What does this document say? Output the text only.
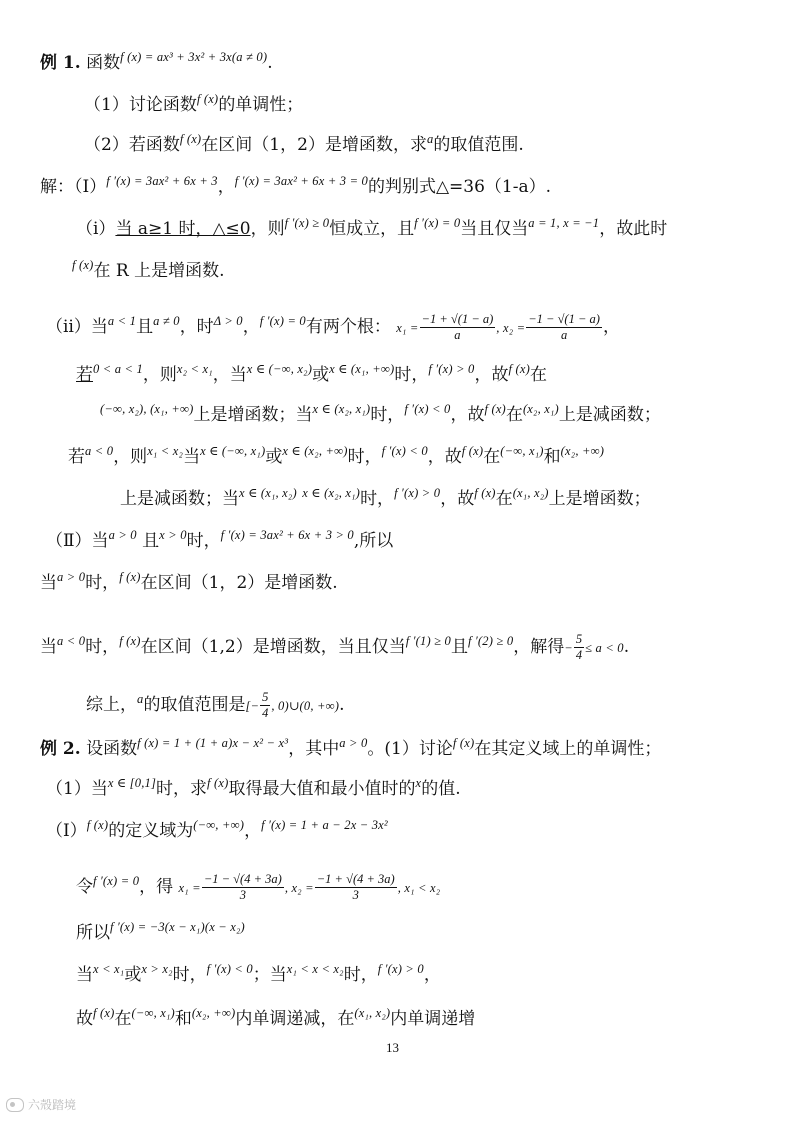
例 1. 函数$^{f (x) = ax^3 + 3x^2 + 3x(a \ne 0)}$.
（1）讨论函数$^{f (x)}$的单调性；
（2）若函数$^{f (x)}$在区间（1，2）是增函数，求$^a$的取值范围.
解：（Ⅰ）$^{f '(x) = 3ax^2 + 6x + 3}$，$^{f '(x) = 3ax^2 + 6x + 3 = 0}$的判别式△=36（1-a）.
（ⅰ）当 a≥1 时，△≤0，则$^{f '(x) \ge 0}$恒成立，且$^{f '(x) = 0}$当且仅当$^{a = 1, x = -1}$，故此时
$^{f (x)}$在 R 上是增函数.
（ⅱ）当$^{a < 1}$且$^{a \ne 0}$，时$^{\Delta > 0}$，$^{f '(x) = 0}$有两个根： $x_1 = \frac{-1 + √(1 - a)}{a}$ , $x_2 = \frac{-1 - √(1 - a)}{a}$ ，
若$^{0 < a < 1}$，则$^{x_2 < x_1}$，当$^{x \in (-\infty, x_2)}$或$^{x \in (x_1, +\infty)}$时，$^{f '(x) > 0}$，故$^{f (x)}$在
$^{(-\infty, x_2), (x_1, +\infty)}$上是增函数；当$^{x \in (x_2, x_1)}$时，$^{f '(x) < 0}$，故$^{f (x)}$在$^{(x_2, x_1)}$上是减函数；
若$^{a < 0}$，则$^{x_1 < x_2}$当$^{x \in (-\infty, x_1)}$或$^{x \in (x_2, +\infty)}$时，$^{f '(x) < 0}$，故$^{f (x)}$在$^{(-\infty, x_1)}$和$^{(x_2, +\infty)}$
上是减函数；当$^{x \in (x_1, x_2)}$ $^{x \in (x_2, x_1)}$时，$^{f '(x) > 0}$，故$^{f (x)}$在$^{(x_1, x_2)}$上是增函数；
（Ⅱ）当$^{a > 0}$ 且$^{x > 0}$时，$^{f '(x) = 3ax^2 + 6x + 3 > 0}$,所以
当$^{a > 0}$时，$^{f (x)}$在区间（1，2）是增函数.
当$^{a < 0}$时，$^{f (x)}$在区间（1,2）是增函数，当且仅当$^{f '(1) \ge 0}$且$^{f '(2) \ge 0}$，解得− $\frac{5}{4} \le a < 0$.
综上，$^a$的取值范围是[− $\frac{5}{4}$ , 0)∪(0, +∞).
例 2. 设函数$^{f (x) = 1 + (1 + a)x - x^2 - x^3}$，其中$^{a > 0}$。(1）讨论$^{f (x)}$在其定义域上的单调性；
（1）当$^{x \in [0,1]}$时，求$^{f (x)}$取得最大值和最小值时的$^x$的值.
（Ⅰ）$^{f (x)}$的定义域为(−∞, +∞)，$^{f '(x) = 1 + a - 2x - 3x^2}$
令$^{f '(x) = 0}$，得 $x_1 = \frac{-1 - √(4 + 3a)}{3}$ , $x_2 = \frac{-1 + √(4 + 3a)}{3}$ , x₁ < x₂
所以$^{f '(x) = -3(x - x_1)(x - x_2)}$
当$^{x < x_1}$或$^{x > x_2}$时，$^{f '(x) < 0}$；当$^{x_1 < x < x_2}$时，$^{f '(x) > 0}$，
故$^{f (x)}$在$^{(-\infty, x_1)}$和$^{(x_2, +\infty)}$内单调递减，在$^{(x_1, x_2)}$内单调递增
13
六殼踏境
